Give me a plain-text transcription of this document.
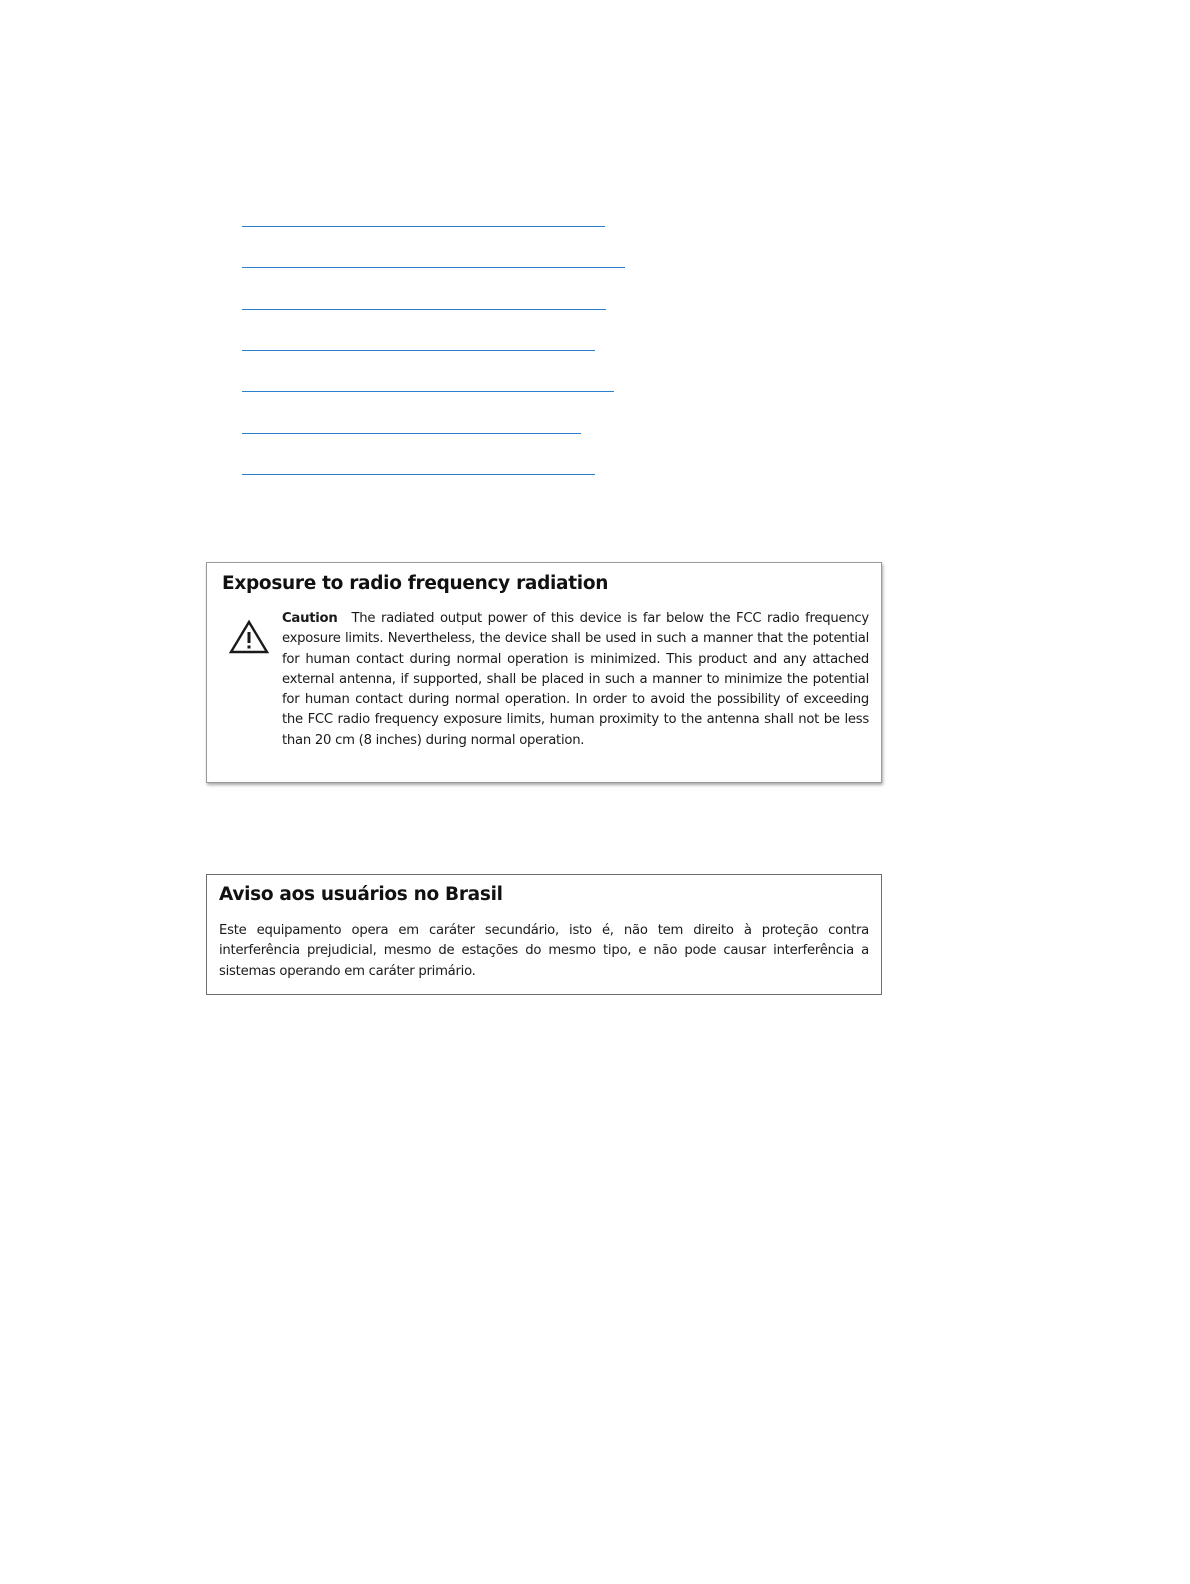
Exposure to radio frequency radiation
Caution The radiated output power of this device is far below the FCC radio frequency exposure limits. Nevertheless, the device shall be used in such a manner that the potential for human contact during normal operation is minimized. This product and any attached external antenna, if supported, shall be placed in such a manner to minimize the potential for human contact during normal operation. In order to avoid the possibility of exceeding the FCC radio frequency exposure limits, human proximity to the antenna shall not be less than 20 cm (8 inches) during normal operation.
Aviso aos usuários no Brasil
Este equipamento opera em caráter secundário, isto é, não tem direito à proteção contra interferência prejudicial, mesmo de estações do mesmo tipo, e não pode causar interferência a sistemas operando em caráter primário.
